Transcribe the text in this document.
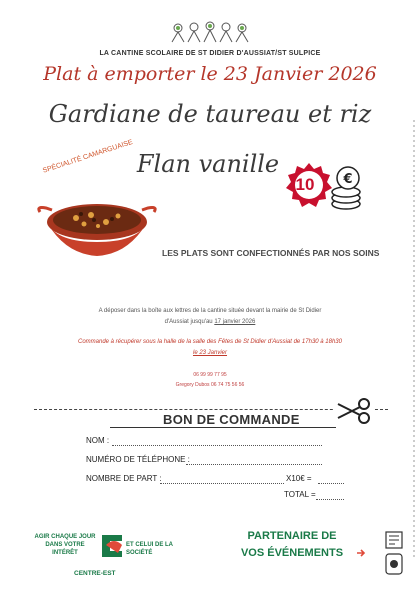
LA CANTINE SCOLAIRE DE ST DIDIER D'AUSSIAT/ST SULPICE
Plat à emporter le 23 Janvier 2026
Gardiane de taureau et riz
Flan vanille
SPÉCIALITÉ CAMARGUAISE
10 €
LES PLATS SONT CONFECTIONNÉS PAR NOS SOINS
A déposer dans la boîte aux lettres de la cantine située devant la mairie de St Didier
d'Aussiat jusqu'au 17 janvier 2026
Commande à récupérer sous la halle de la salle des Fêtes de St Didier d'Aussiat de 17h30 à 18h30
le 23 Janvier
06 99 99 77 95
Gregory Dubos 06 74 75 56 56
BON DE COMMANDE
NOM :
NUMÉRO DE TÉLÉPHONE :
NOMBRE DE PART :	X10€ =
TOTAL =
AGIR CHAQUE JOUR DANS VOTRE INTÉRÊT
ET CELUI DE LA SOCIÉTÉ
CENTRE-EST
PARTENAIRE DE
VOS ÉVÉNEMENTS
